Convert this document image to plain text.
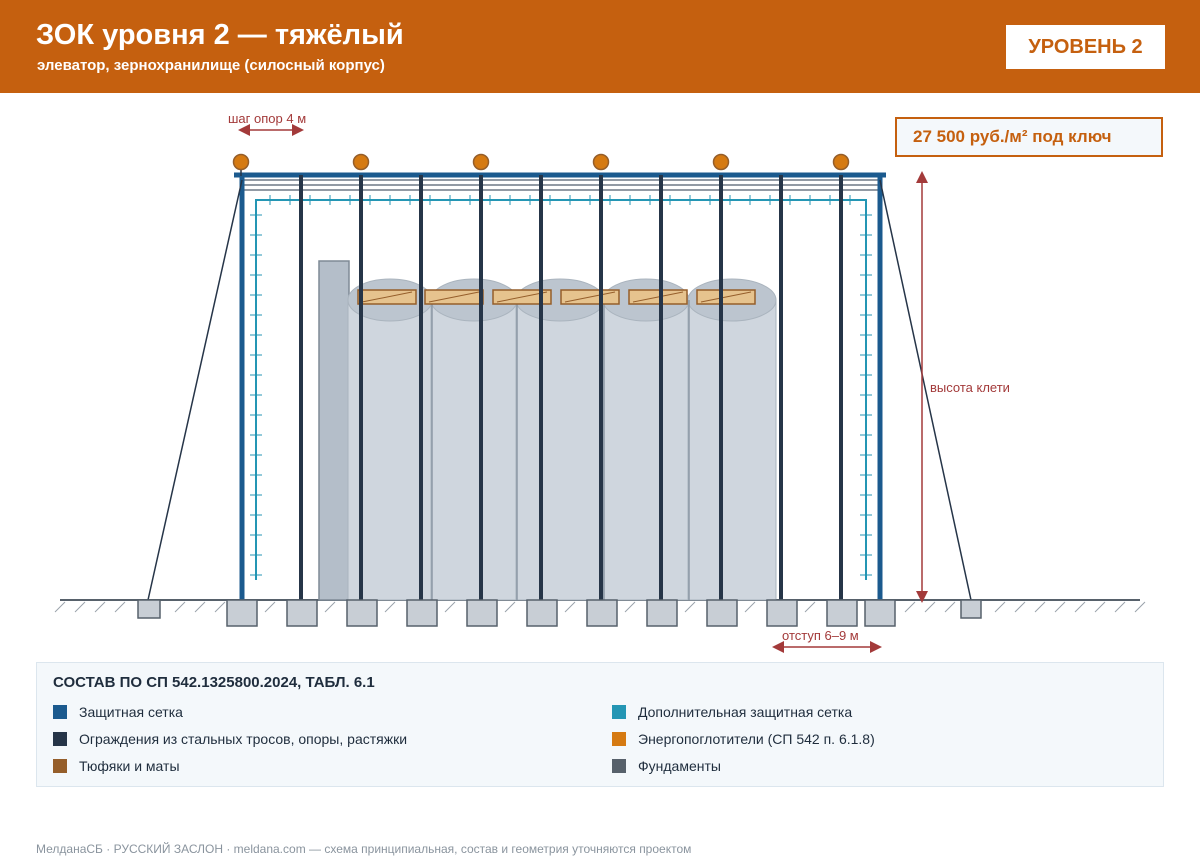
ЗОК уровня 2 — тяжёлый
элеватор, зернохранилище (силосный корпус)
УРОВЕНЬ 2
шаг опор 4 м
высота клети
отступ 6–9 м
27 500 руб./м² под ключ
СОСТАВ ПО СП 542.1325800.2024, ТАБЛ. 6.1
Защитная сетка	Дополнительная защитная сетка
Ограждения из стальных тросов, опоры, растяжки	Энергопоглотители (СП 542 п. 6.1.8)
Тюфяки и маты	Фундаменты
МелданаСБ · РУССКИЙ ЗАСЛОН · meldana.com — схема принципиальная, состав и геометрия уточняются проектом
